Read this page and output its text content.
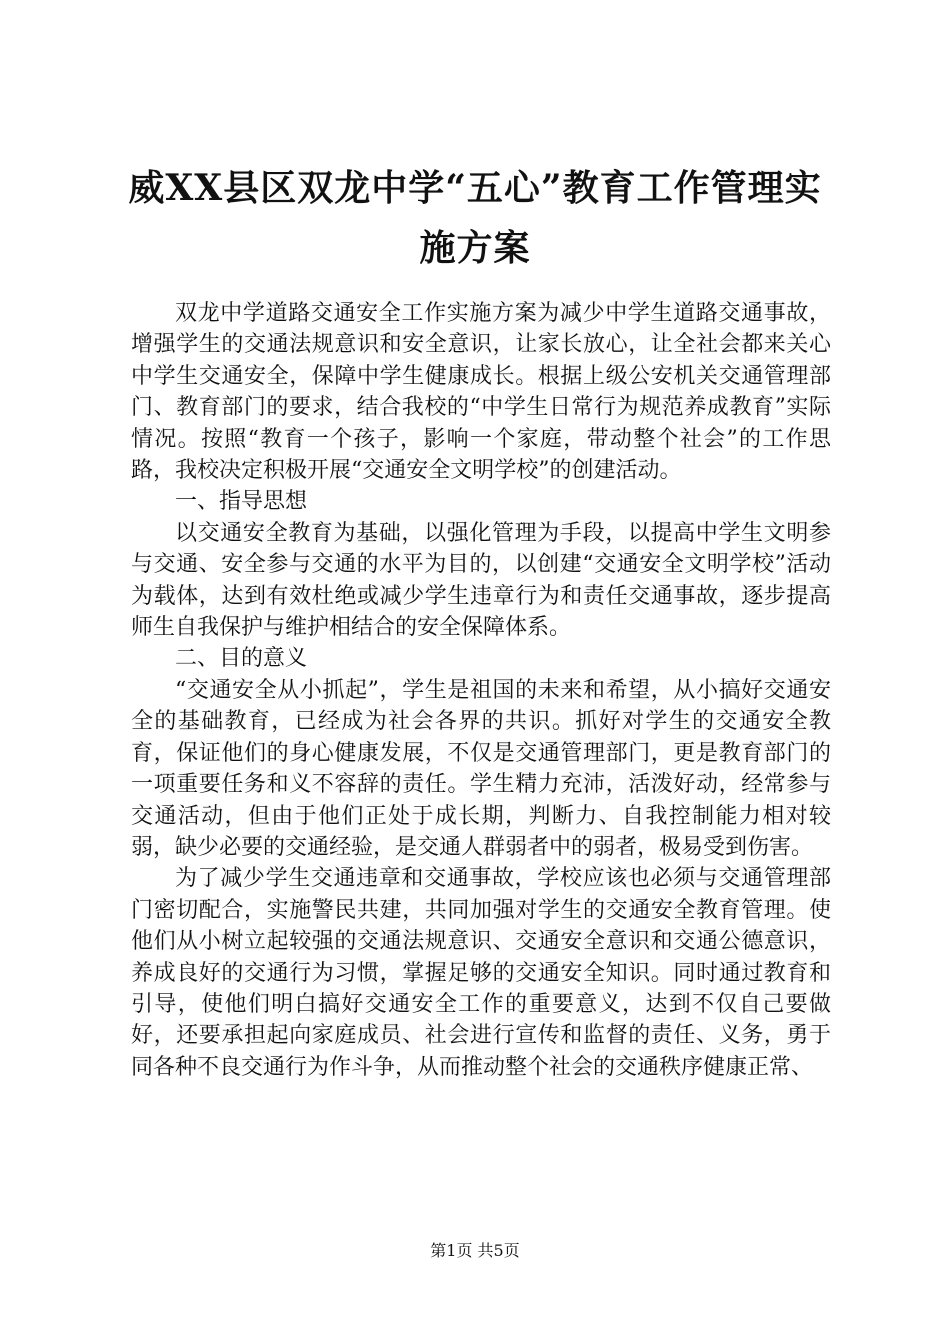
威XX县区双龙中学“五心”教育工作管理实施方案

双龙中学道路交通安全工作实施方案为减少中学生道路交通事故，增强学生的交通法规意识和安全意识，让家长放心，让全社会都来关心中学生交通安全，保障中学生健康成长。根据上级公安机关交通管理部门、教育部门的要求，结合我校的“中学生日常行为规范养成教育”实际情况。按照“教育一个孩子，影响一个家庭，带动整个社会”的工作思路，我校决定积极开展“交通安全文明学校”的创建活动。

一、指导思想

以交通安全教育为基础，以强化管理为手段，以提高中学生文明参与交通、安全参与交通的水平为目的，以创建“交通安全文明学校”活动为载体，达到有效杜绝或减少学生违章行为和责任交通事故，逐步提高师生自我保护与维护相结合的安全保障体系。

二、目的意义

“交通安全从小抓起”，学生是祖国的未来和希望，从小搞好交通安全的基础教育，已经成为社会各界的共识。抓好对学生的交通安全教育，保证他们的身心健康发展，不仅是交通管理部门，更是教育部门的一项重要任务和义不容辞的责任。学生精力充沛，活泼好动，经常参与交通活动，但由于他们正处于成长期，判断力、自我控制能力相对较弱，缺少必要的交通经验，是交通人群弱者中的弱者，极易受到伤害。

为了减少学生交通违章和交通事故，学校应该也必须与交通管理部门密切配合，实施警民共建，共同加强对学生的交通安全教育管理。使他们从小树立起较强的交通法规意识、交通安全意识和交通公德意识，养成良好的交通行为习惯，掌握足够的交通安全知识。同时通过教育和引导，使他们明白搞好交通安全工作的重要意义，达到不仅自己要做好，还要承担起向家庭成员、社会进行宣传和监督的责任、义务，勇于同各种不良交通行为作斗争，从而推动整个社会的交通秩序健康正常、

第1页 共5页
